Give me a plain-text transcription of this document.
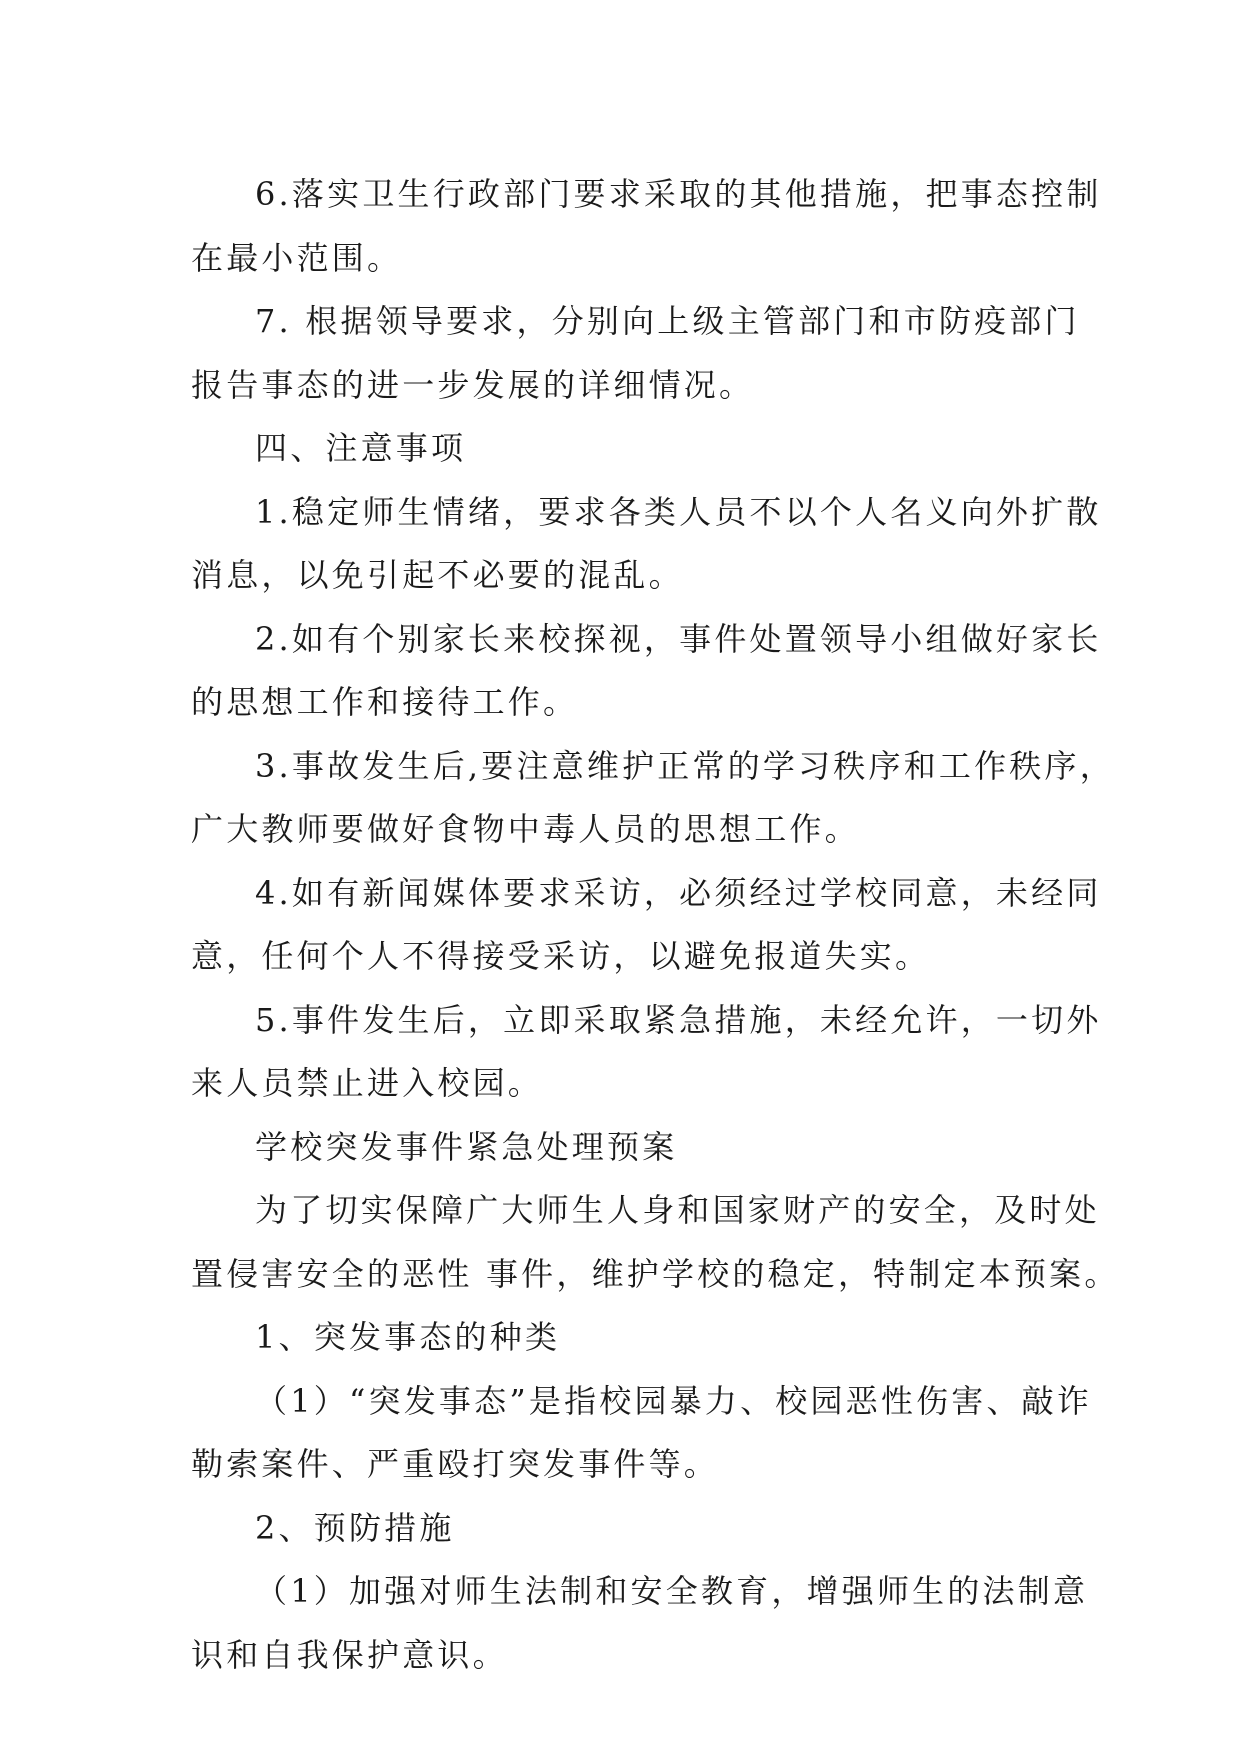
6.落实卫生行政部门要求采取的其他措施，把事态控制
在最小范围。
7. 根据领导要求，分别向上级主管部门和市防疫部门
报告事态的进一步发展的详细情况。
四、注意事项
1.稳定师生情绪，要求各类人员不以个人名义向外扩散
消息，以免引起不必要的混乱。
2.如有个别家长来校探视，事件处置领导小组做好家长
的思想工作和接待工作。
3.事故发生后,要注意维护正常的学习秩序和工作秩序，
广大教师要做好食物中毒人员的思想工作。
4.如有新闻媒体要求采访，必须经过学校同意，未经同
意，任何个人不得接受采访，以避免报道失实。
5.事件发生后，立即采取紧急措施，未经允许，一切外
来人员禁止进入校园。
学校突发事件紧急处理预案
为了切实保障广大师生人身和国家财产的安全，及时处
置侵害安全的恶性 事件，维护学校的稳定，特制定本预案。
1、突发事态的种类
（1）“突发事态”是指校园暴力、校园恶性伤害、敲诈
勒索案件、严重殴打突发事件等。
2、预防措施
（1）加强对师生法制和安全教育，增强师生的法制意
识和自我保护意识。
